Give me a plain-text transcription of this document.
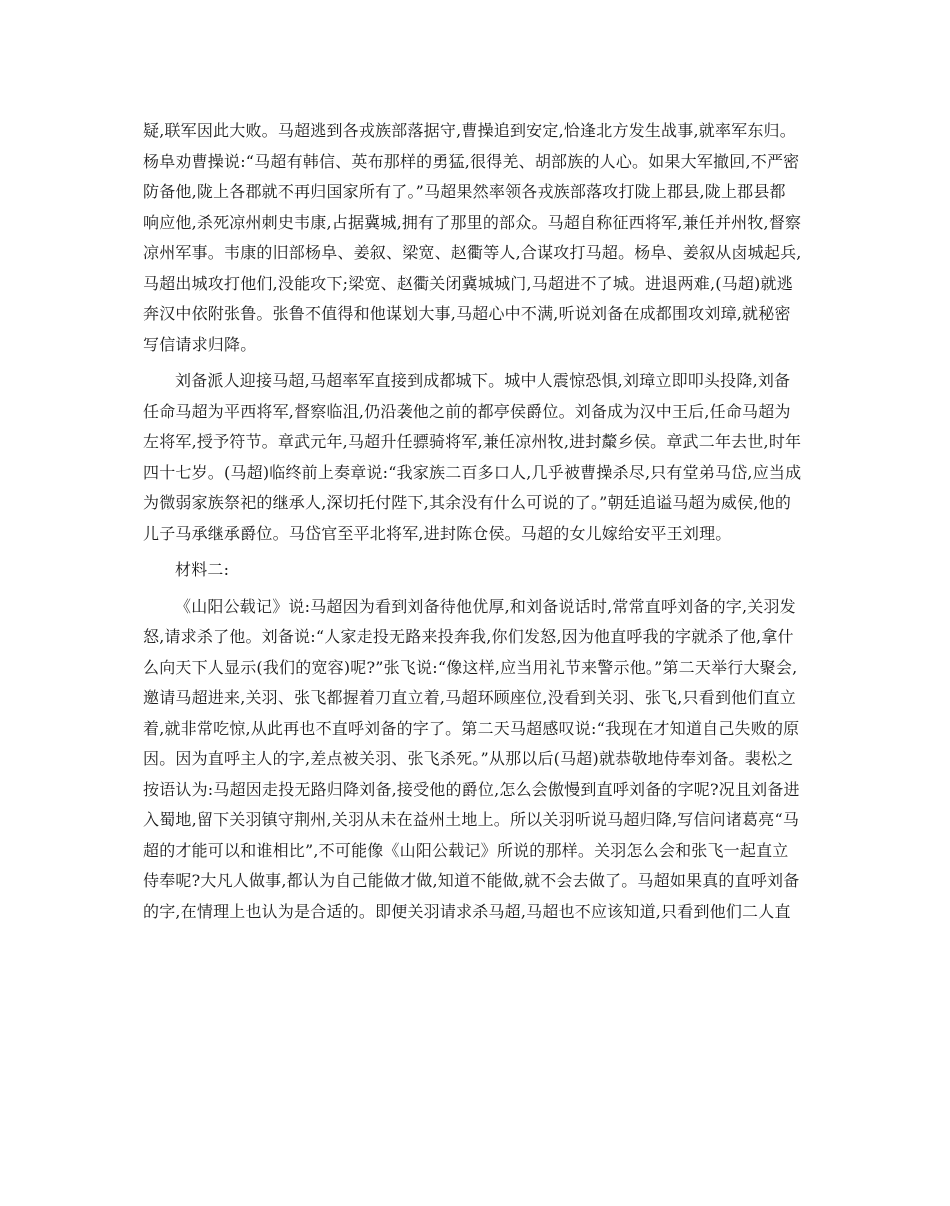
疑,联军因此大败。马超逃到各戎族部落据守,曹操追到安定,恰逢北方发生战事,就率军东归。
杨阜劝曹操说:“马超有韩信、英布那样的勇猛,很得羌、胡部族的人心。如果大军撤回,不严密
防备他,陇上各郡就不再归国家所有了。”马超果然率领各戎族部落攻打陇上郡县,陇上郡县都
响应他,杀死凉州刺史韦康,占据冀城,拥有了那里的部众。马超自称征西将军,兼任并州牧,督察
凉州军事。韦康的旧部杨阜、姜叙、梁宽、赵衢等人,合谋攻打马超。杨阜、姜叙从卤城起兵,
马超出城攻打他们,没能攻下;梁宽、赵衢关闭冀城城门,马超进不了城。进退两难,(马超)就逃
奔汉中依附张鲁。张鲁不值得和他谋划大事,马超心中不满,听说刘备在成都围攻刘璋,就秘密
写信请求归降。
刘备派人迎接马超,马超率军直接到成都城下。城中人震惊恐惧,刘璋立即叩头投降,刘备
任命马超为平西将军,督察临沮,仍沿袭他之前的都亭侯爵位。刘备成为汉中王后,任命马超为
左将军,授予符节。章武元年,马超升任骠骑将军,兼任凉州牧,进封斄乡侯。章武二年去世,时年
四十七岁。(马超)临终前上奏章说:“我家族二百多口人,几乎被曹操杀尽,只有堂弟马岱,应当成
为微弱家族祭祀的继承人,深切托付陛下,其余没有什么可说的了。”朝廷追谥马超为威侯,他的
儿子马承继承爵位。马岱官至平北将军,进封陈仓侯。马超的女儿嫁给安平王刘理。
材料二:
《山阳公载记》说:马超因为看到刘备待他优厚,和刘备说话时,常常直呼刘备的字,关羽发
怒,请求杀了他。刘备说:“人家走投无路来投奔我,你们发怒,因为他直呼我的字就杀了他,拿什
么向天下人显示(我们的宽容)呢?”张飞说:“像这样,应当用礼节来警示他。”第二天举行大聚会,
邀请马超进来,关羽、张飞都握着刀直立着,马超环顾座位,没看到关羽、张飞,只看到他们直立
着,就非常吃惊,从此再也不直呼刘备的字了。第二天马超感叹说:“我现在才知道自己失败的原
因。因为直呼主人的字,差点被关羽、张飞杀死。”从那以后(马超)就恭敬地侍奉刘备。裴松之
按语认为:马超因走投无路归降刘备,接受他的爵位,怎么会傲慢到直呼刘备的字呢?况且刘备进
入蜀地,留下关羽镇守荆州,关羽从未在益州土地上。所以关羽听说马超归降,写信问诸葛亮“马
超的才能可以和谁相比”,不可能像《山阳公载记》所说的那样。关羽怎么会和张飞一起直立
侍奉呢?大凡人做事,都认为自己能做才做,知道不能做,就不会去做了。马超如果真的直呼刘备
的字,在情理上也认为是合适的。即便关羽请求杀马超,马超也不应该知道,只看到他们二人直
